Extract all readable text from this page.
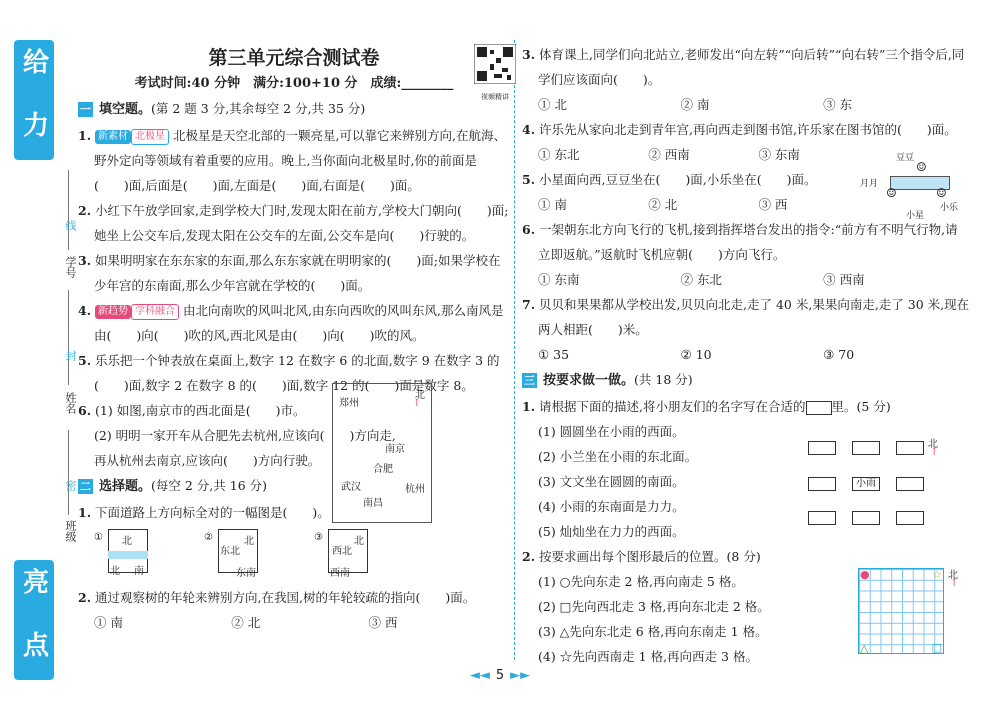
给 力
亮 点
学号
姓名
班级
线
封
密
第三单元综合测试卷
考试时间:40 分钟　满分:100+10 分　成绩:________
视频精讲
一 填空题。(第 2 题 3 分,其余每空 2 分,共 35 分)
1. 新素材 北极星 北极星是天空北部的一颗亮星,可以靠它来辨别方向,在航海、野外定向等领域有着重要的应用。晚上,当你面向北极星时,你的前面是(　　)面,后面是(　　)面,左面是(　　)面,右面是(　　)面。
2. 小红下午放学回家,走到学校大门时,发现太阳在前方,学校大门朝向(　　)面;她坐上公交车后,发现太阳在公交车的左面,公交车是向(　　)行驶的。
3. 如果明明家在东东家的东面,那么东东家就在明明家的(　　)面;如果学校在少年宫的东南面,那么少年宫就在学校的(　　)面。
4. 新趋势 学科融合 由北向南吹的风叫北风,由东向西吹的风叫东风,那么南风是由(　　)向(　　)吹的风,西北风是由(　　)向(　　)吹的风。
5. 乐乐把一个钟表放在桌面上,数字 12 在数字 6 的北面,数字 9 在数字 3 的(　　)面,数字 2 在数字 8 的(　　)面,数字 12 的(　　)面是数字 8。
6. (1) 如图,南京市的西北面是(　　)市。
(2) 明明一家开车从合肥先去杭州,应该向(　　)方向走,再从杭州去南京,应该向(　　)方向行驶。
二 选择题。(每空 2 分,共 16 分)
1. 下面道路上方向标全对的一幅图是(　　)。
① 北
北 南
②	北
东北
东南
③	北
西北
西南
2. 通过观察树的年轮来辨别方向,在我国,树的年轮较疏的指向(　　)面。
① 南	② 北	③ 西
北
↑
郑州
南京
合肥
武汉	杭州
南昌
3. 体育课上,同学们向北站立,老师发出“向左转”“向后转”“向右转”三个指令后,同学们应该面向(　　)。
① 北	② 南	③ 东
4. 许乐先从家向北走到青年宫,再向西走到图书馆,许乐家在图书馆的(　　)面。
① 东北	② 西南	③ 东南
5. 小星面向西,豆豆坐在(　　)面,小乐坐在(　　)面。
① 南	② 北	③ 西
6. 一架朝东北方向飞行的飞机,接到指挥塔台发出的指令:“前方有不明气行物,请立即返航。”返航时飞机应朝(　　)方向飞行。
① 东南	② 东北	③ 西南
7. 贝贝和果果都从学校出发,贝贝向北走,走了 40 米,果果向南走,走了 30 米,现在两人相距(　　)米。
① 35	② 10	③ 70
三 按要求做一做。(共 18 分)
1. 请根据下面的描述,将小朋友们的名字写在合适的 里。(5 分)
(1) 圆圆坐在小雨的西面。
(2) 小兰坐在小雨的东北面。
(3) 文文坐在圆圆的南面。
(4) 小雨的东南面是力力。
(5) 灿灿坐在力力的西面。
2. 按要求画出每个图形最后的位置。(8 分)
(1) ○先向东走 2 格,再向南走 5 格。
(2) □先向西北走 3 格,再向东北走 2 格。
(3) △先向东北走 6 格,再向东南走 1 格。
(4) ☆先向西南走 1 格,再向西走 3 格。
豆豆
月月
小星
小乐
☺
☺	☺
小雨
北
↑
●	☆
△	□
北
↑
◄◄ 5 ►►
